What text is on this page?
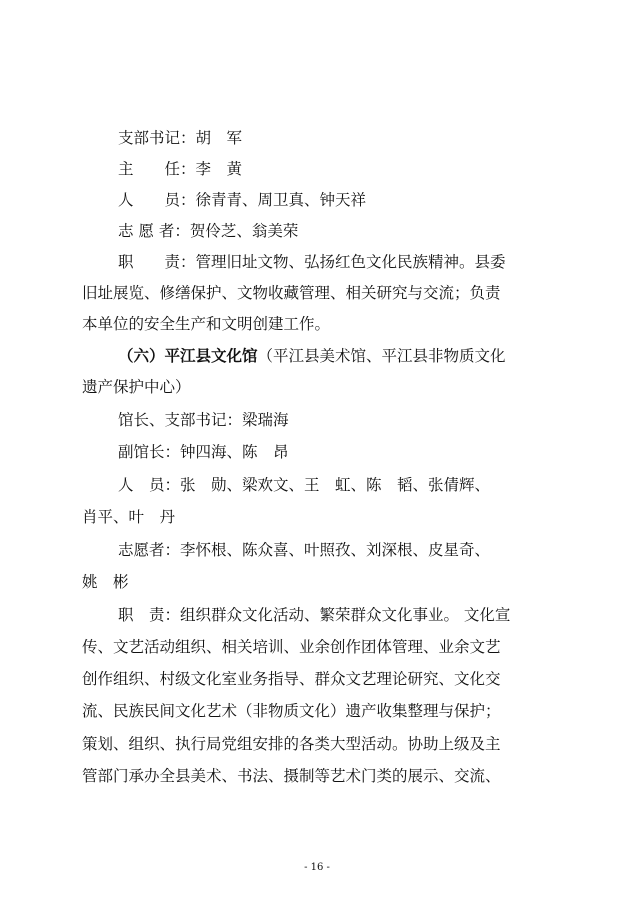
支部书记：胡　军
主　　任：李　黄
人　　员：徐青青、周卫真、钟天祥
志 愿 者：贺伶芝、翁美荣
职　　责：管理旧址文物、弘扬红色文化民族精神。县委
旧址展览、修缮保护、文物收藏管理、相关研究与交流；负责
本单位的安全生产和文明创建工作。
（六）平江县文化馆（平江县美术馆、平江县非物质文化
遗产保护中心）
馆长、支部书记：梁瑞海
副馆长：钟四海、陈　昂
人　员：张　勋、梁欢文、王　虹、陈　韬、张倩辉、
肖平、叶　丹
志愿者：李怀根、陈众喜、叶照孜、刘深根、皮星奇、
姚　彬
职　责：组织群众文化活动、繁荣群众文化事业。 文化宣
传、文艺活动组织、相关培训、业余创作团体管理、业余文艺
创作组织、村级文化室业务指导、群众文艺理论研究、文化交
流、民族民间文化艺术（非物质文化）遗产收集整理与保护；
策划、组织、执行局党组安排的各类大型活动。协助上级及主
管部门承办全县美术、书法、摄制等艺术门类的展示、交流、
- 16 -
